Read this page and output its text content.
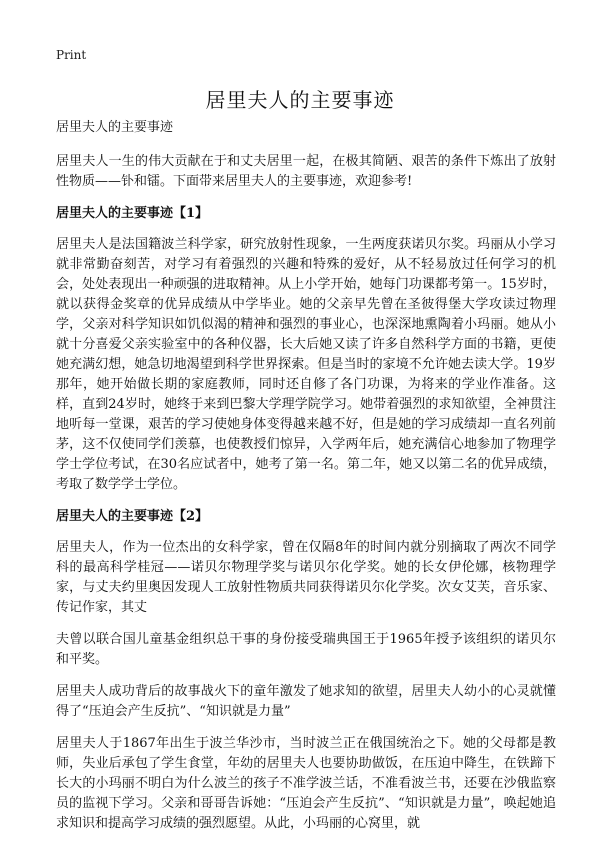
Print
居里夫人的主要事迹

居里夫人的主要事迹

居里夫人一生的伟大贡献在于和丈夫居里一起，在极其简陋、艰苦的条件下炼出了放射性物质——钋和镭。下面带来居里夫人的主要事迹，欢迎参考!

居里夫人的主要事迹【1】

居里夫人是法国籍波兰科学家，研究放射性现象，一生两度获诺贝尔奖。玛丽从小学习就非常勤奋刻苦，对学习有着强烈的兴趣和特殊的爱好，从不轻易放过任何学习的机会，处处表现出一种顽强的进取精神。从上小学开始，她每门功课都考第一。15岁时，就以获得金奖章的优异成绩从中学毕业。她的父亲早先曾在圣彼得堡大学攻读过物理学，父亲对科学知识如饥似渴的精神和强烈的事业心，也深深地熏陶着小玛丽。她从小就十分喜爱父亲实验室中的各种仪器，长大后她又读了许多自然科学方面的书籍，更使她充满幻想，她急切地渴望到科学世界探索。但是当时的家境不允许她去读大学。19岁那年，她开始做长期的家庭教师，同时还自修了各门功课，为将来的学业作准备。这样，直到24岁时，她终于来到巴黎大学理学院学习。她带着强烈的求知欲望，全神贯注地听每一堂课，艰苦的学习使她身体变得越来越不好，但是她的学习成绩却一直名列前茅，这不仅使同学们羡慕，也使教授们惊异，入学两年后，她充满信心地参加了物理学学士学位考试，在30名应试者中，她考了第一名。第二年，她又以第二名的优异成绩，考取了数学学士学位。

居里夫人的主要事迹【2】

居里夫人，作为一位杰出的女科学家，曾在仅隔8年的时间内就分别摘取了两次不同学科的最高科学桂冠——诺贝尔物理学奖与诺贝尔化学奖。她的长女伊伦娜，核物理学家，与丈夫约里奥因发现人工放射性物质共同获得诺贝尔化学奖。次女艾芙，音乐家、传记作家，其丈

夫曾以联合国儿童基金组织总干事的身份接受瑞典国王于1965年授予该组织的诺贝尔和平奖。

居里夫人成功背后的故事战火下的童年激发了她求知的欲望，居里夫人幼小的心灵就懂得了“压迫会产生反抗”、“知识就是力量”

居里夫人于1867年出生于波兰华沙市，当时波兰正在俄国统治之下。她的父母都是教师，失业后承包了学生食堂，年幼的居里夫人也要协助做饭，在压迫中降生，在铁蹄下长大的小玛丽不明白为什么波兰的孩子不准学波兰话，不准看波兰书，还要在沙俄监察员的监视下学习。父亲和哥哥告诉她：“压迫会产生反抗”、“知识就是力量”，唤起她追求知识和提高学习成绩的强烈愿望。从此，小玛丽的心窝里，就
